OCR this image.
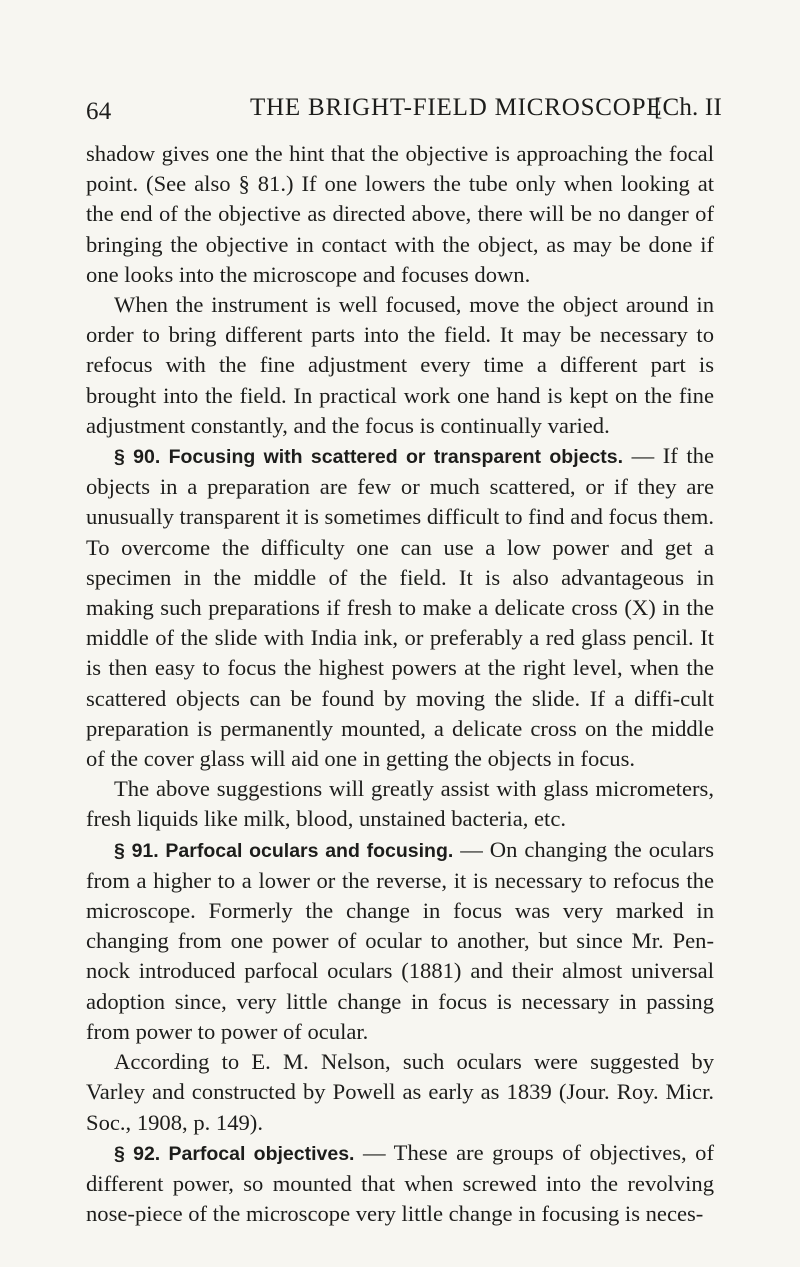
64	THE BRIGHT-FIELD MICROSCOPE
[Ch. II

shadow gives one the hint that the objective is approaching the focal point. (See also § 81.) If one lowers the tube only when looking at the end of the objective as directed above, there will be no danger of bringing the objective in contact with the object, as may be done if one looks into the microscope and focuses down.

When the instrument is well focused, move the object around in order to bring different parts into the field. It may be necessary to refocus with the fine adjustment every time a different part is brought into the field. In practical work one hand is kept on the fine adjustment constantly, and the focus is continually varied.

§ 90. Focusing with scattered or transparent objects. — If the objects in a preparation are few or much scattered, or if they are unusually transparent it is sometimes difficult to find and focus them. To overcome the difficulty one can use a low power and get a specimen in the middle of the field. It is also advantageous in making such preparations if fresh to make a delicate cross (X) in the middle of the slide with India ink, or preferably a red glass pencil. It is then easy to focus the highest powers at the right level, when the scattered objects can be found by moving the slide. If a diffi-cult preparation is permanently mounted, a delicate cross on the middle of the cover glass will aid one in getting the objects in focus.

The above suggestions will greatly assist with glass micrometers, fresh liquids like milk, blood, unstained bacteria, etc.

§ 91. Parfocal oculars and focusing. — On changing the oculars from a higher to a lower or the reverse, it is necessary to refocus the microscope. Formerly the change in focus was very marked in changing from one power of ocular to another, but since Mr. Pen-nock introduced parfocal oculars (1881) and their almost universal adoption since, very little change in focus is necessary in passing from power to power of ocular.

According to E. M. Nelson, such oculars were suggested by Varley and constructed by Powell as early as 1839 (Jour. Roy. Micr. Soc., 1908, p. 149).

§ 92. Parfocal objectives. — These are groups of objectives, of different power, so mounted that when screwed into the revolving nose-piece of the microscope very little change in focusing is neces-
